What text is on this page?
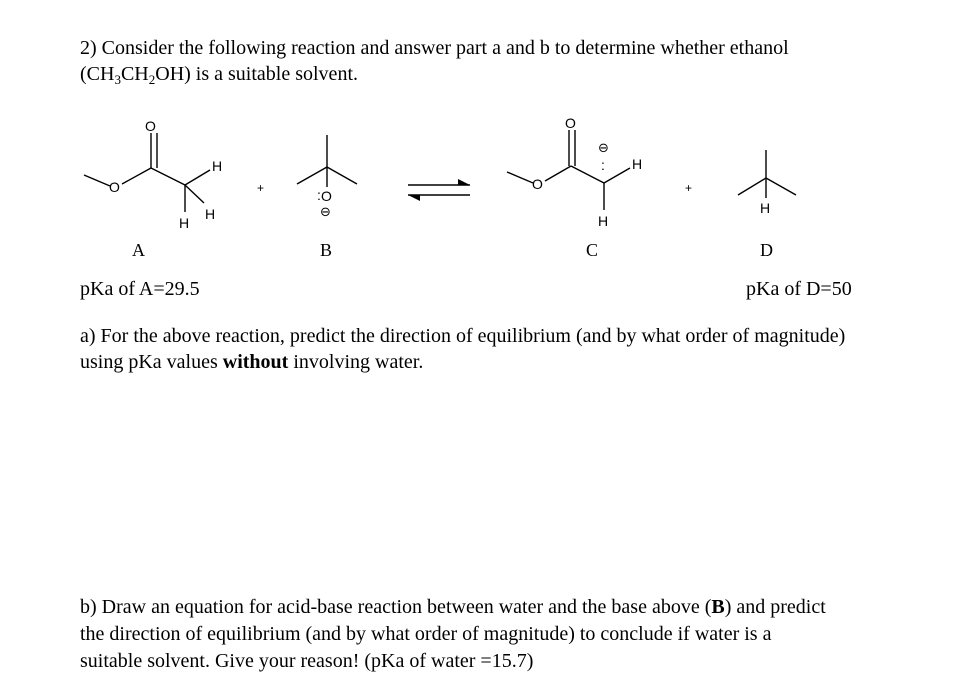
2) Consider the following reaction and answer part a and b to determine whether ethanol
$(CH_3CH_2OH)$ is a suitable solvent.
O
O
H
H
H
+	: O
⊖
O
O
H
H
⊖
:
+
H
A	B	C	D
pKa of A=29.5	pKa of D=50
a) For the above reaction, predict the direction of equilibrium (and by what order of magnitude)
using pKa values without involving water.
b) Draw an equation for acid-base reaction between water and the base above (B) and predict
the direction of equilibrium (and by what order of magnitude) to conclude if water is a
suitable solvent. Give your reason! (pKa of water =15.7)
